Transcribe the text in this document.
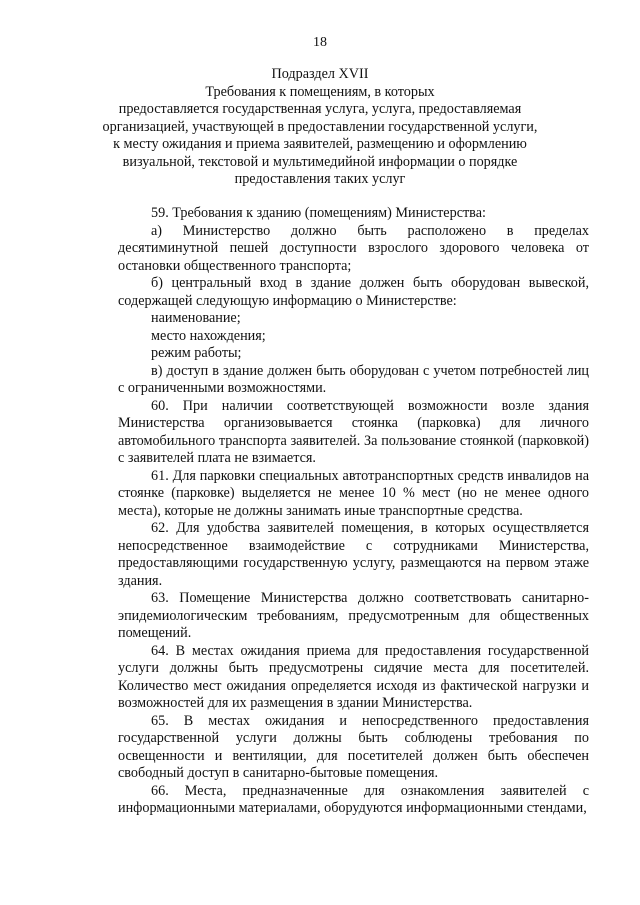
18
Подраздел XVII
Требования к помещениям, в которых
предоставляется государственная услуга, услуга, предоставляемая
организацией, участвующей в предоставлении государственной услуги,
к месту ожидания и приема заявителей, размещению и оформлению
визуальной, текстовой и мультимедийной информации о порядке
предоставления таких услуг

59. Требования к зданию (помещениям) Министерства:

а) Министерство должно быть расположено в пределах десятиминутной пешей доступности взрослого здорового человека от остановки общественного транспорта;

б) центральный вход в здание должен быть оборудован вывеской, содержащей следующую информацию о Министерстве:

наименование;

место нахождения;

режим работы;

в) доступ в здание должен быть оборудован с учетом потребностей лиц с ограниченными возможностями.

60. При наличии соответствующей возможности возле здания Министерства организовывается стоянка (парковка) для личного автомобильного транспорта заявителей. За пользование стоянкой (парковкой) с заявителей плата не взимается.

61. Для парковки специальных автотранспортных средств инвалидов на стоянке (парковке) выделяется не менее 10 % мест (но не менее одного места), которые не должны занимать иные транспортные средства.

62. Для удобства заявителей помещения, в которых осуществляется непосредственное взаимодействие с сотрудниками Министерства, предоставляющими государственную услугу, размещаются на первом этаже здания.

63. Помещение Министерства должно соответствовать санитарно-эпидемиологическим требованиям, предусмотренным для общественных помещений.

64. В местах ожидания приема для предоставления государственной услуги должны быть предусмотрены сидячие места для посетителей. Количество мест ожидания определяется исходя из фактической нагрузки и возможностей для их размещения в здании Министерства.

65. В местах ожидания и непосредственного предоставления государственной услуги должны быть соблюдены требования по освещенности и вентиляции, для посетителей должен быть обеспечен свободный доступ в санитарно-бытовые помещения.

66. Места, предназначенные для ознакомления заявителей с информационными материалами, оборудуются информационными стендами,
